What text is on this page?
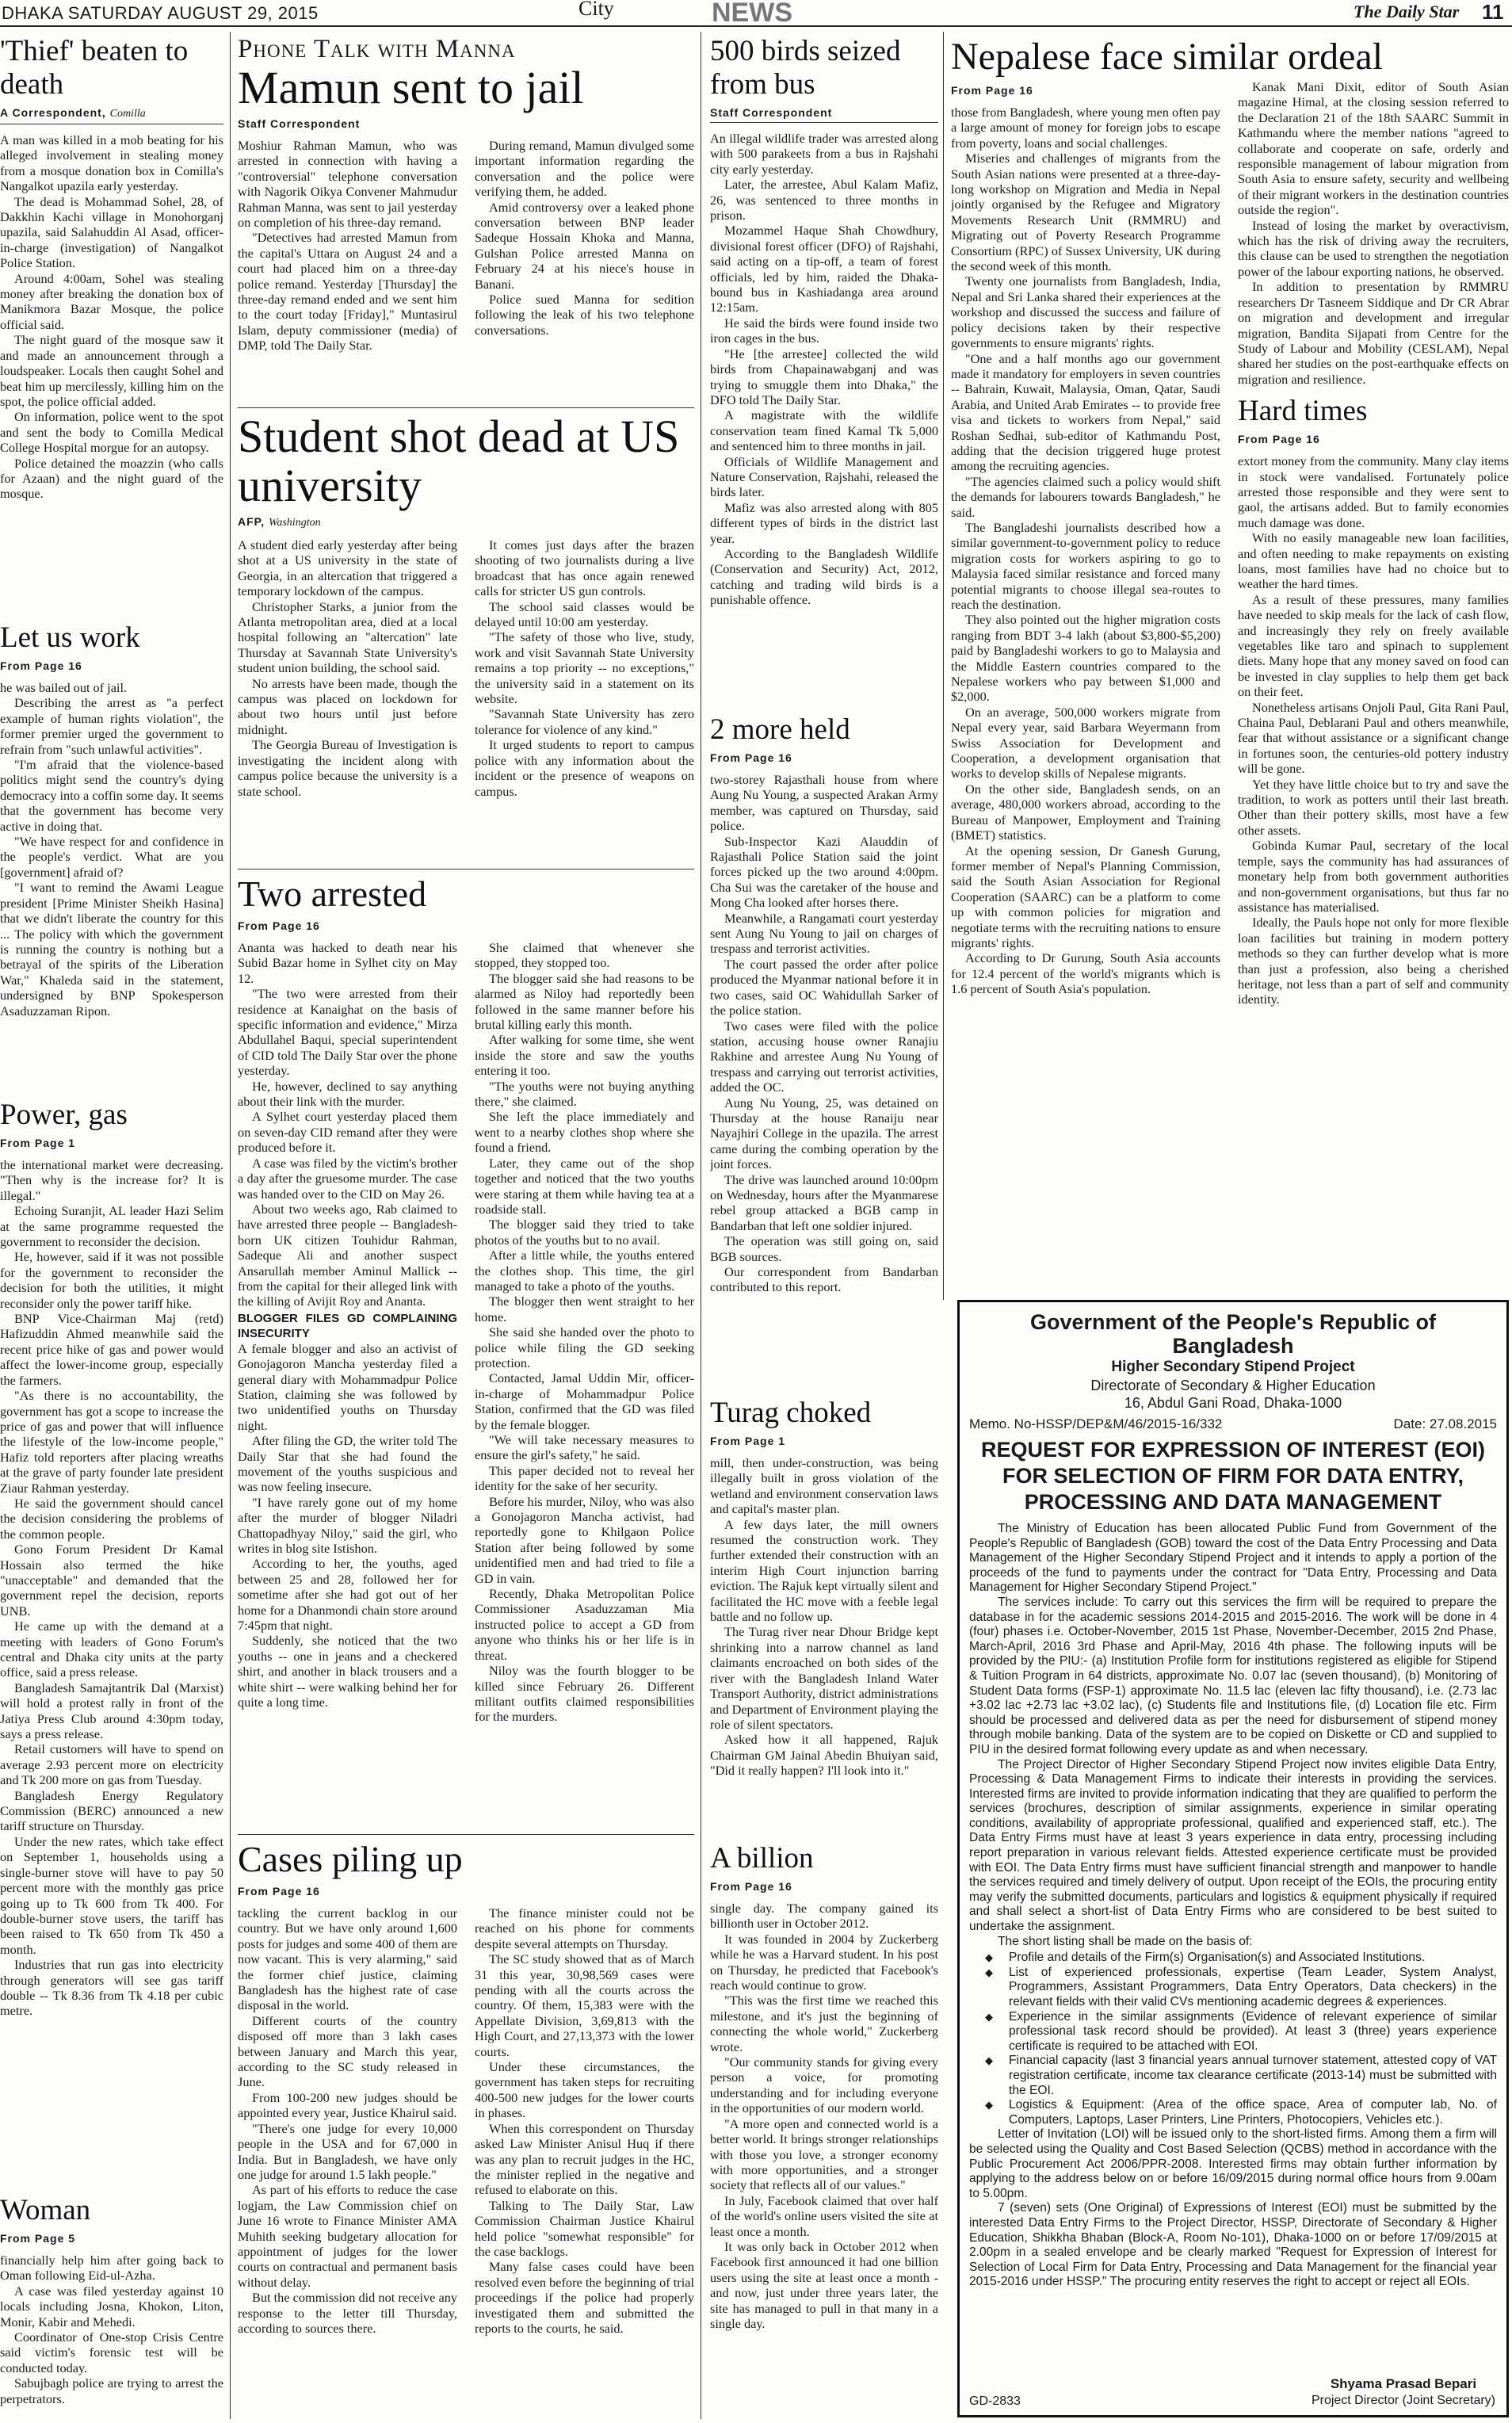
DHAKA SATURDAY AUGUST 29, 2015	City	NEWS	The Daily Star 11
'Thief' beaten to death
A Correspondent, Comilla

A man was killed in a mob beating for his alleged involvement in stealing money from a mosque donation box in Comilla's Nangalkot upazila early yesterday.

The dead is Mohammad Sohel, 28, of Dakkhin Kachi village in Monohorganj upazila, said Salahuddin Al Asad, officer-in-charge (investigation) of Nangalkot Police Station.

Around 4:00am, Sohel was stealing money after breaking the donation box of Manikmora Bazar Mosque, the police official said.

The night guard of the mosque saw it and made an announcement through a loudspeaker. Locals then caught Sohel and beat him up mercilessly, killing him on the spot, the police official added.

On information, police went to the spot and sent the body to Comilla Medical College Hospital morgue for an autopsy.

Police detained the moazzin (who calls for Azaan) and the night guard of the mosque.

Let us work
From Page 16

he was bailed out of jail.

Describing the arrest as "a perfect example of human rights violation", the former premier urged the government to refrain from "such unlawful activities".

"I'm afraid that the violence-based politics might send the country's dying democracy into a coffin some day. It seems that the government has become very active in doing that.

"We have respect for and confidence in the people's verdict. What are you [government] afraid of?

"I want to remind the Awami League president [Prime Minister Sheikh Hasina] that we didn't liberate the country for this ... The policy with which the government is running the country is nothing but a betrayal of the spirits of the Liberation War," Khaleda said in the statement, undersigned by BNP Spokesperson Asaduzzaman Ripon.

Power, gas
From Page 1

the international market were decreasing. "Then why is the increase for? It is illegal."

Echoing Suranjit, AL leader Hazi Selim at the same programme requested the government to reconsider the decision.

He, however, said if it was not possible for the government to reconsider the decision for both the utilities, it might reconsider only the power tariff hike.

BNP Vice-Chairman Maj (retd) Hafizuddin Ahmed meanwhile said the recent price hike of gas and power would affect the lower-income group, especially the farmers.

"As there is no accountability, the government has got a scope to increase the price of gas and power that will influence the lifestyle of the low-income people," Hafiz told reporters after placing wreaths at the grave of party founder late president Ziaur Rahman yesterday.

He said the government should cancel the decision considering the problems of the common people.

Gono Forum President Dr Kamal Hossain also termed the hike "unacceptable" and demanded that the government repel the decision, reports UNB.

He came up with the demand at a meeting with leaders of Gono Forum's central and Dhaka city units at the party office, said a press release.

Bangladesh Samajtantrik Dal (Marxist) will hold a protest rally in front of the Jatiya Press Club around 4:30pm today, says a press release.

Retail customers will have to spend on average 2.93 percent more on electricity and Tk 200 more on gas from Tuesday.

Bangladesh Energy Regulatory Commission (BERC) announced a new tariff structure on Thursday.

Under the new rates, which take effect on September 1, households using a single-burner stove will have to pay 50 percent more with the monthly gas price going up to Tk 600 from Tk 400. For double-burner stove users, the tariff has been raised to Tk 650 from Tk 450 a month.

Industries that run gas into electricity through generators will see gas tariff double -- Tk 8.36 from Tk 4.18 per cubic metre.

Woman
From Page 5

financially help him after going back to Oman following Eid-ul-Azha.

A case was filed yesterday against 10 locals including Josna, Khokon, Liton, Monir, Kabir and Mehedi.

Coordinator of One-stop Crisis Centre said victim's forensic test will be conducted today.

Sabujbagh police are trying to arrest the perpetrators.

Phone Talk with Manna
Mamun sent to jail
Staff Correspondent

Moshiur Rahman Mamun, who was arrested in connection with having a "controversial" telephone conversation with Nagorik Oikya Convener Mahmudur Rahman Manna, was sent to jail yesterday on completion of his three-day remand.

"Detectives had arrested Mamun from the capital's Uttara on August 24 and a court had placed him on a three-day police remand. Yesterday [Thursday] the three-day remand ended and we sent him to the court today [Friday]," Muntasirul Islam, deputy commissioner (media) of DMP, told The Daily Star.

During remand, Mamun divulged some important information regarding the conversation and the police were verifying them, he added.

Amid controversy over a leaked phone conversation between BNP leader Sadeque Hossain Khoka and Manna, Gulshan Police arrested Manna on February 24 at his niece's house in Banani.

Police sued Manna for sedition following the leak of his two telephone conversations.

Student shot dead at US university
AFP, Washington

A student died early yesterday after being shot at a US university in the state of Georgia, in an altercation that triggered a temporary lockdown of the campus.

Christopher Starks, a junior from the Atlanta metropolitan area, died at a local hospital following an "altercation" late Thursday at Savannah State University's student union building, the school said.

No arrests have been made, though the campus was placed on lockdown for about two hours until just before midnight.

The Georgia Bureau of Investigation is investigating the incident along with campus police because the university is a state school.

It comes just days after the brazen shooting of two journalists during a live broadcast that has once again renewed calls for stricter US gun controls.

The school said classes would be delayed until 10:00 am yesterday.

"The safety of those who live, study, work and visit Savannah State University remains a top priority -- no exceptions," the university said in a statement on its website.

"Savannah State University has zero tolerance for violence of any kind."

It urged students to report to campus police with any information about the incident or the presence of weapons on campus.

Two arrested
From Page 16

Ananta was hacked to death near his Subid Bazar home in Sylhet city on May 12.

"The two were arrested from their residence at Kanaighat on the basis of specific information and evidence," Mirza Abdullahel Baqui, special superintendent of CID told The Daily Star over the phone yesterday.

He, however, declined to say anything about their link with the murder.

A Sylhet court yesterday placed them on seven-day CID remand after they were produced before it.

A case was filed by the victim's brother a day after the gruesome murder. The case was handed over to the CID on May 26.

About two weeks ago, Rab claimed to have arrested three people -- Bangladesh-born UK citizen Touhidur Rahman, Sadeque Ali and another suspect Ansarullah member Aminul Mallick -- from the capital for their alleged link with the killing of Avijit Roy and Ananta.

BLOGGER FILES GD COMPLAINING INSECURITY

A female blogger and also an activist of Gonojagoron Mancha yesterday filed a general diary with Mohammadpur Police Station, claiming she was followed by two unidentified youths on Thursday night.

After filing the GD, the writer told The Daily Star that she had found the movement of the youths suspicious and was now feeling insecure.

"I have rarely gone out of my home after the murder of blogger Niladri Chattopadhyay Niloy," said the girl, who writes in blog site Istishon.

According to her, the youths, aged between 25 and 28, followed her for sometime after she had got out of her home for a Dhanmondi chain store around 7:45pm that night.

Suddenly, she noticed that the two youths -- one in jeans and a checkered shirt, and another in black trousers and a white shirt -- were walking behind her for quite a long time.

She claimed that whenever she stopped, they stopped too.

The blogger said she had reasons to be alarmed as Niloy had reportedly been followed in the same manner before his brutal killing early this month.

After walking for some time, she went inside the store and saw the youths entering it too.

"The youths were not buying anything there," she claimed.

She left the place immediately and went to a nearby clothes shop where she found a friend.

Later, they came out of the shop together and noticed that the two youths were staring at them while having tea at a roadside stall.

The blogger said they tried to take photos of the youths but to no avail.

After a little while, the youths entered the clothes shop. This time, the girl managed to take a photo of the youths.

The blogger then went straight to her home.

She said she handed over the photo to police while filing the GD seeking protection.

Contacted, Jamal Uddin Mir, officer-in-charge of Mohammadpur Police Station, confirmed that the GD was filed by the female blogger.

"We will take necessary measures to ensure the girl's safety," he said.

This paper decided not to reveal her identity for the sake of her security.

Before his murder, Niloy, who was also a Gonojagoron Mancha activist, had reportedly gone to Khilgaon Police Station after being followed by some unidentified men and had tried to file a GD in vain.

Recently, Dhaka Metropolitan Police Commissioner Asaduzzaman Mia instructed police to accept a GD from anyone who thinks his or her life is in threat.

Niloy was the fourth blogger to be killed since February 26. Different militant outfits claimed responsibilities for the murders.

Cases piling up
From Page 16

tackling the current backlog in our country. But we have only around 1,600 posts for judges and some 400 of them are now vacant. This is very alarming," said the former chief justice, claiming Bangladesh has the highest rate of case disposal in the world.

Different courts of the country disposed off more than 3 lakh cases between January and March this year, according to the SC study released in June.

From 100-200 new judges should be appointed every year, Justice Khairul said.

"There's one judge for every 10,000 people in the USA and for 67,000 in India. But in Bangladesh, we have only one judge for around 1.5 lakh people."

As part of his efforts to reduce the case logjam, the Law Commission chief on June 16 wrote to Finance Minister AMA Muhith seeking budgetary allocation for appointment of judges for the lower courts on contractual and permanent basis without delay.

But the commission did not receive any response to the letter till Thursday, according to sources there.

The finance minister could not be reached on his phone for comments despite several attempts on Thursday.

The SC study showed that as of March 31 this year, 30,98,569 cases were pending with all the courts across the country. Of them, 15,383 were with the Appellate Division, 3,69,813 with the High Court, and 27,13,373 with the lower courts.

Under these circumstances, the government has taken steps for recruiting 400-500 new judges for the lower courts in phases.

When this correspondent on Thursday asked Law Minister Anisul Huq if there was any plan to recruit judges in the HC, the minister replied in the negative and refused to elaborate on this.

Talking to The Daily Star, Law Commission Chairman Justice Khairul held police "somewhat responsible" for the case backlogs.

Many false cases could have been resolved even before the beginning of trial proceedings if the police had properly investigated them and submitted the reports to the courts, he said.

500 birds seized from bus
Staff Correspondent

An illegal wildlife trader was arrested along with 500 parakeets from a bus in Rajshahi city early yesterday.

Later, the arrestee, Abul Kalam Mafiz, 26, was sentenced to three months in prison.

Mozammel Haque Shah Chowdhury, divisional forest officer (DFO) of Rajshahi, said acting on a tip-off, a team of forest officials, led by him, raided the Dhaka-bound bus in Kashiadanga area around 12:15am.

He said the birds were found inside two iron cages in the bus.

"He [the arrestee] collected the wild birds from Chapainawabganj and was trying to smuggle them into Dhaka," the DFO told The Daily Star.

A magistrate with the wildlife conservation team fined Kamal Tk 5,000 and sentenced him to three months in jail.

Officials of Wildlife Management and Nature Conservation, Rajshahi, released the birds later.

Mafiz was also arrested along with 805 different types of birds in the district last year.

According to the Bangladesh Wildlife (Conservation and Security) Act, 2012, catching and trading wild birds is a punishable offence.

2 more held
From Page 16

two-storey Rajasthali house from where Aung Nu Young, a suspected Arakan Army member, was captured on Thursday, said police.

Sub-Inspector Kazi Alauddin of Rajasthali Police Station said the joint forces picked up the two around 4:00pm. Cha Sui was the caretaker of the house and Mong Cha looked after horses there.

Meanwhile, a Rangamati court yesterday sent Aung Nu Young to jail on charges of trespass and terrorist activities.

The court passed the order after police produced the Myanmar national before it in two cases, said OC Wahidullah Sarker of the police station.

Two cases were filed with the police station, accusing house owner Ranajiu Rakhine and arrestee Aung Nu Young of trespass and carrying out terrorist activities, added the OC.

Aung Nu Young, 25, was detained on Thursday at the house Ranaiju near Nayajhiri College in the upazila. The arrest came during the combing operation by the joint forces.

The drive was launched around 10:00pm on Wednesday, hours after the Myanmarese rebel group attacked a BGB camp in Bandarban that left one soldier injured.

The operation was still going on, said BGB sources.

Our correspondent from Bandarban contributed to this report.

Turag choked
From Page 1

mill, then under-construction, was being illegally built in gross violation of the wetland and environment conservation laws and capital's master plan.

A few days later, the mill owners resumed the construction work. They further extended their construction with an interim High Court injunction barring eviction. The Rajuk kept virtually silent and facilitated the HC move with a feeble legal battle and no follow up.

The Turag river near Dhour Bridge kept shrinking into a narrow channel as land claimants encroached on both sides of the river with the Bangladesh Inland Water Transport Authority, district administrations and Department of Environment playing the role of silent spectators.

Asked how it all happened, Rajuk Chairman GM Jainal Abedin Bhuiyan said, "Did it really happen? I'll look into it."

A billion
From Page 16

single day. The company gained its billionth user in October 2012.

It was founded in 2004 by Zuckerberg while he was a Harvard student. In his post on Thursday, he predicted that Facebook's reach would continue to grow.

"This was the first time we reached this milestone, and it's just the beginning of connecting the whole world," Zuckerberg wrote.

"Our community stands for giving every person a voice, for promoting understanding and for including everyone in the opportunities of our modern world.

"A more open and connected world is a better world. It brings stronger relationships with those you love, a stronger economy with more opportunities, and a stronger society that reflects all of our values."

In July, Facebook claimed that over half of the world's online users visited the site at least once a month.

It was only back in October 2012 when Facebook first announced it had one billion users using the site at least once a month - and now, just under three years later, the site has managed to pull in that many in a single day.

Nepalese face similar ordeal
From Page 16

those from Bangladesh, where young men often pay a large amount of money for foreign jobs to escape from poverty, loans and social challenges.

Miseries and challenges of migrants from the South Asian nations were presented at a three-day-long workshop on Migration and Media in Nepal jointly organised by the Refugee and Migratory Movements Research Unit (RMMRU) and Migrating out of Poverty Research Programme Consortium (RPC) of Sussex University, UK during the second week of this month.

Twenty one journalists from Bangladesh, India, Nepal and Sri Lanka shared their experiences at the workshop and discussed the success and failure of policy decisions taken by their respective governments to ensure migrants' rights.

"One and a half months ago our government made it mandatory for employers in seven countries -- Bahrain, Kuwait, Malaysia, Oman, Qatar, Saudi Arabia, and United Arab Emirates -- to provide free visa and tickets to workers from Nepal," said Roshan Sedhai, sub-editor of Kathmandu Post, adding that the decision triggered huge protest among the recruiting agencies.

"The agencies claimed such a policy would shift the demands for labourers towards Bangladesh," he said.

The Bangladeshi journalists described how a similar government-to-government policy to reduce migration costs for workers aspiring to go to Malaysia faced similar resistance and forced many potential migrants to choose illegal sea-routes to reach the destination.

They also pointed out the higher migration costs ranging from BDT 3-4 lakh (about $3,800-$5,200) paid by Bangladeshi workers to go to Malaysia and the Middle Eastern countries compared to the Nepalese workers who pay between $1,000 and $2,000.

On an average, 500,000 workers migrate from Nepal every year, said Barbara Weyermann from Swiss Association for Development and Cooperation, a development organisation that works to develop skills of Nepalese migrants.

On the other side, Bangladesh sends, on an average, 480,000 workers abroad, according to the Bureau of Manpower, Employment and Training (BMET) statistics.

At the opening session, Dr Ganesh Gurung, former member of Nepal's Planning Commission, said the South Asian Association for Regional Cooperation (SAARC) can be a platform to come up with common policies for migration and negotiate terms with the recruiting nations to ensure migrants' rights.

According to Dr Gurung, South Asia accounts for 12.4 percent of the world's migrants which is 1.6 percent of South Asia's population.

Kanak Mani Dixit, editor of South Asian magazine Himal, at the closing session referred to the Declaration 21 of the 18th SAARC Summit in Kathmandu where the member nations "agreed to collaborate and cooperate on safe, orderly and responsible management of labour migration from South Asia to ensure safety, security and wellbeing of their migrant workers in the destination countries outside the region".

Instead of losing the market by overactivism, which has the risk of driving away the recruiters, this clause can be used to strengthen the negotiation power of the labour exporting nations, he observed.

In addition to presentation by RMMRU researchers Dr Tasneem Siddique and Dr CR Abrar on migration and development and irregular migration, Bandita Sijapati from Centre for the Study of Labour and Mobility (CESLAM), Nepal shared her studies on the post-earthquake effects on migration and resilience.

Hard times
From Page 16

extort money from the community. Many clay items in stock were vandalised. Fortunately police arrested those responsible and they were sent to gaol, the artisans added. But to family economies much damage was done.

With no easily manageable new loan facilities, and often needing to make repayments on existing loans, most families have had no choice but to weather the hard times.

As a result of these pressures, many families have needed to skip meals for the lack of cash flow, and increasingly they rely on freely available vegetables like taro and spinach to supplement diets. Many hope that any money saved on food can be invested in clay supplies to help them get back on their feet.

Nonetheless artisans Onjoli Paul, Gita Rani Paul, Chaina Paul, Deblarani Paul and others meanwhile, fear that without assistance or a significant change in fortunes soon, the centuries-old pottery industry will be gone.

Yet they have little choice but to try and save the tradition, to work as potters until their last breath. Other than their pottery skills, most have a few other assets.

Gobinda Kumar Paul, secretary of the local temple, says the community has had assurances of monetary help from both government authorities and non-government organisations, but thus far no assistance has materialised.

Ideally, the Pauls hope not only for more flexible loan facilities but training in modern pottery methods so they can further develop what is more than just a profession, also being a cherished heritage, not less than a part of self and community identity.

Government of the People's Republic of Bangladesh
Higher Secondary Stipend Project
Directorate of Secondary & Higher Education
16, Abdul Gani Road, Dhaka-1000
Memo. No-HSSP/DEP&M/46/2015-16/332	Date: 27.08.2015
REQUEST FOR EXPRESSION OF INTEREST (EOI) FOR SELECTION OF FIRM FOR DATA ENTRY, PROCESSING AND DATA MANAGEMENT

The Ministry of Education has been allocated Public Fund from Government of the People's Republic of Bangladesh (GOB) toward the cost of the Data Entry Processing and Data Management of the Higher Secondary Stipend Project and it intends to apply a portion of the proceeds of the fund to payments under the contract for "Data Entry, Processing and Data Management for Higher Secondary Stipend Project."

The services include: To carry out this services the firm will be required to prepare the database in for the academic sessions 2014-2015 and 2015-2016. The work will be done in 4 (four) phases i.e. October-November, 2015 1st Phase, November-December, 2015 2nd Phase, March-April, 2016 3rd Phase and April-May, 2016 4th phase. The following inputs will be provided by the PIU:- (a) Institution Profile form for institutions registered as eligible for Stipend & Tuition Program in 64 districts, approximate No. 0.07 lac (seven thousand), (b) Monitoring of Student Data forms (FSP-1) approximate No. 11.5 lac (eleven lac fifty thousand), i.e. (2.73 lac +3.02 lac +2.73 lac +3.02 lac), (c) Students file and Institutions file, (d) Location file etc. Firm should be processed and delivered data as per the need for disbursement of stipend money through mobile banking. Data of the system are to be copied on Diskette or CD and supplied to PIU in the desired format following every update as and when necessary.

The Project Director of Higher Secondary Stipend Project now invites eligible Data Entry, Processing & Data Management Firms to indicate their interests in providing the services. Interested firms are invited to provide information indicating that they are qualified to perform the services (brochures, description of similar assignments, experience in similar operating conditions, availability of appropriate professional, qualified and experienced staff, etc.). The Data Entry Firms must have at least 3 years experience in data entry, processing including report preparation in various relevant fields. Attested experience certificate must be provided with EOI. The Data Entry firms must have sufficient financial strength and manpower to handle the services required and timely delivery of output. Upon receipt of the EOIs, the procuring entity may verify the submitted documents, particulars and logistics & equipment physically if required and shall select a short-list of Data Entry Firms who are considered to be best suited to undertake the assignment.

The short listing shall be made on the basis of:

◆ Profile and details of the Firm(s) Organisation(s) and Associated Institutions.
◆ List of experienced professionals, expertise (Team Leader, System Analyst, Programmers, Assistant Programmers, Data Entry Operators, Data checkers) in the relevant fields with their valid CVs mentioning academic degrees & experiences.
◆ Experience in the similar assignments (Evidence of relevant experience of similar professional task record should be provided). At least 3 (three) years experience certificate is required to be attached with EOI.
◆ Financial capacity (last 3 financial years annual turnover statement, attested copy of VAT registration certificate, income tax clearance certificate (2013-14) must be submitted with the EOI.
◆ Logistics & Equipment: (Area of the office space, Area of computer lab, No. of Computers, Laptops, Laser Printers, Line Printers, Photocopiers, Vehicles etc.).

Letter of Invitation (LOI) will be issued only to the short-listed firms. Among them a firm will be selected using the Quality and Cost Based Selection (QCBS) method in accordance with the Public Procurement Act 2006/PPR-2008. Interested firms may obtain further information by applying to the address below on or before 16/09/2015 during normal office hours from 9.00am to 5.00pm.

7 (seven) sets (One Original) of Expressions of Interest (EOI) must be submitted by the interested Data Entry Firms to the Project Director, HSSP, Directorate of Secondary & Higher Education, Shikkha Bhaban (Block-A, Room No-101), Dhaka-1000 on or before 17/09/2015 at 2.00pm in a sealed envelope and be clearly marked "Request for Expression of Interest for Selection of Local Firm for Data Entry, Processing and Data Management for the financial year 2015-2016 under HSSP." The procuring entity reserves the right to accept or reject all EOIs.

GD-2833
Shyama Prasad Bepari
Project Director (Joint Secretary)
